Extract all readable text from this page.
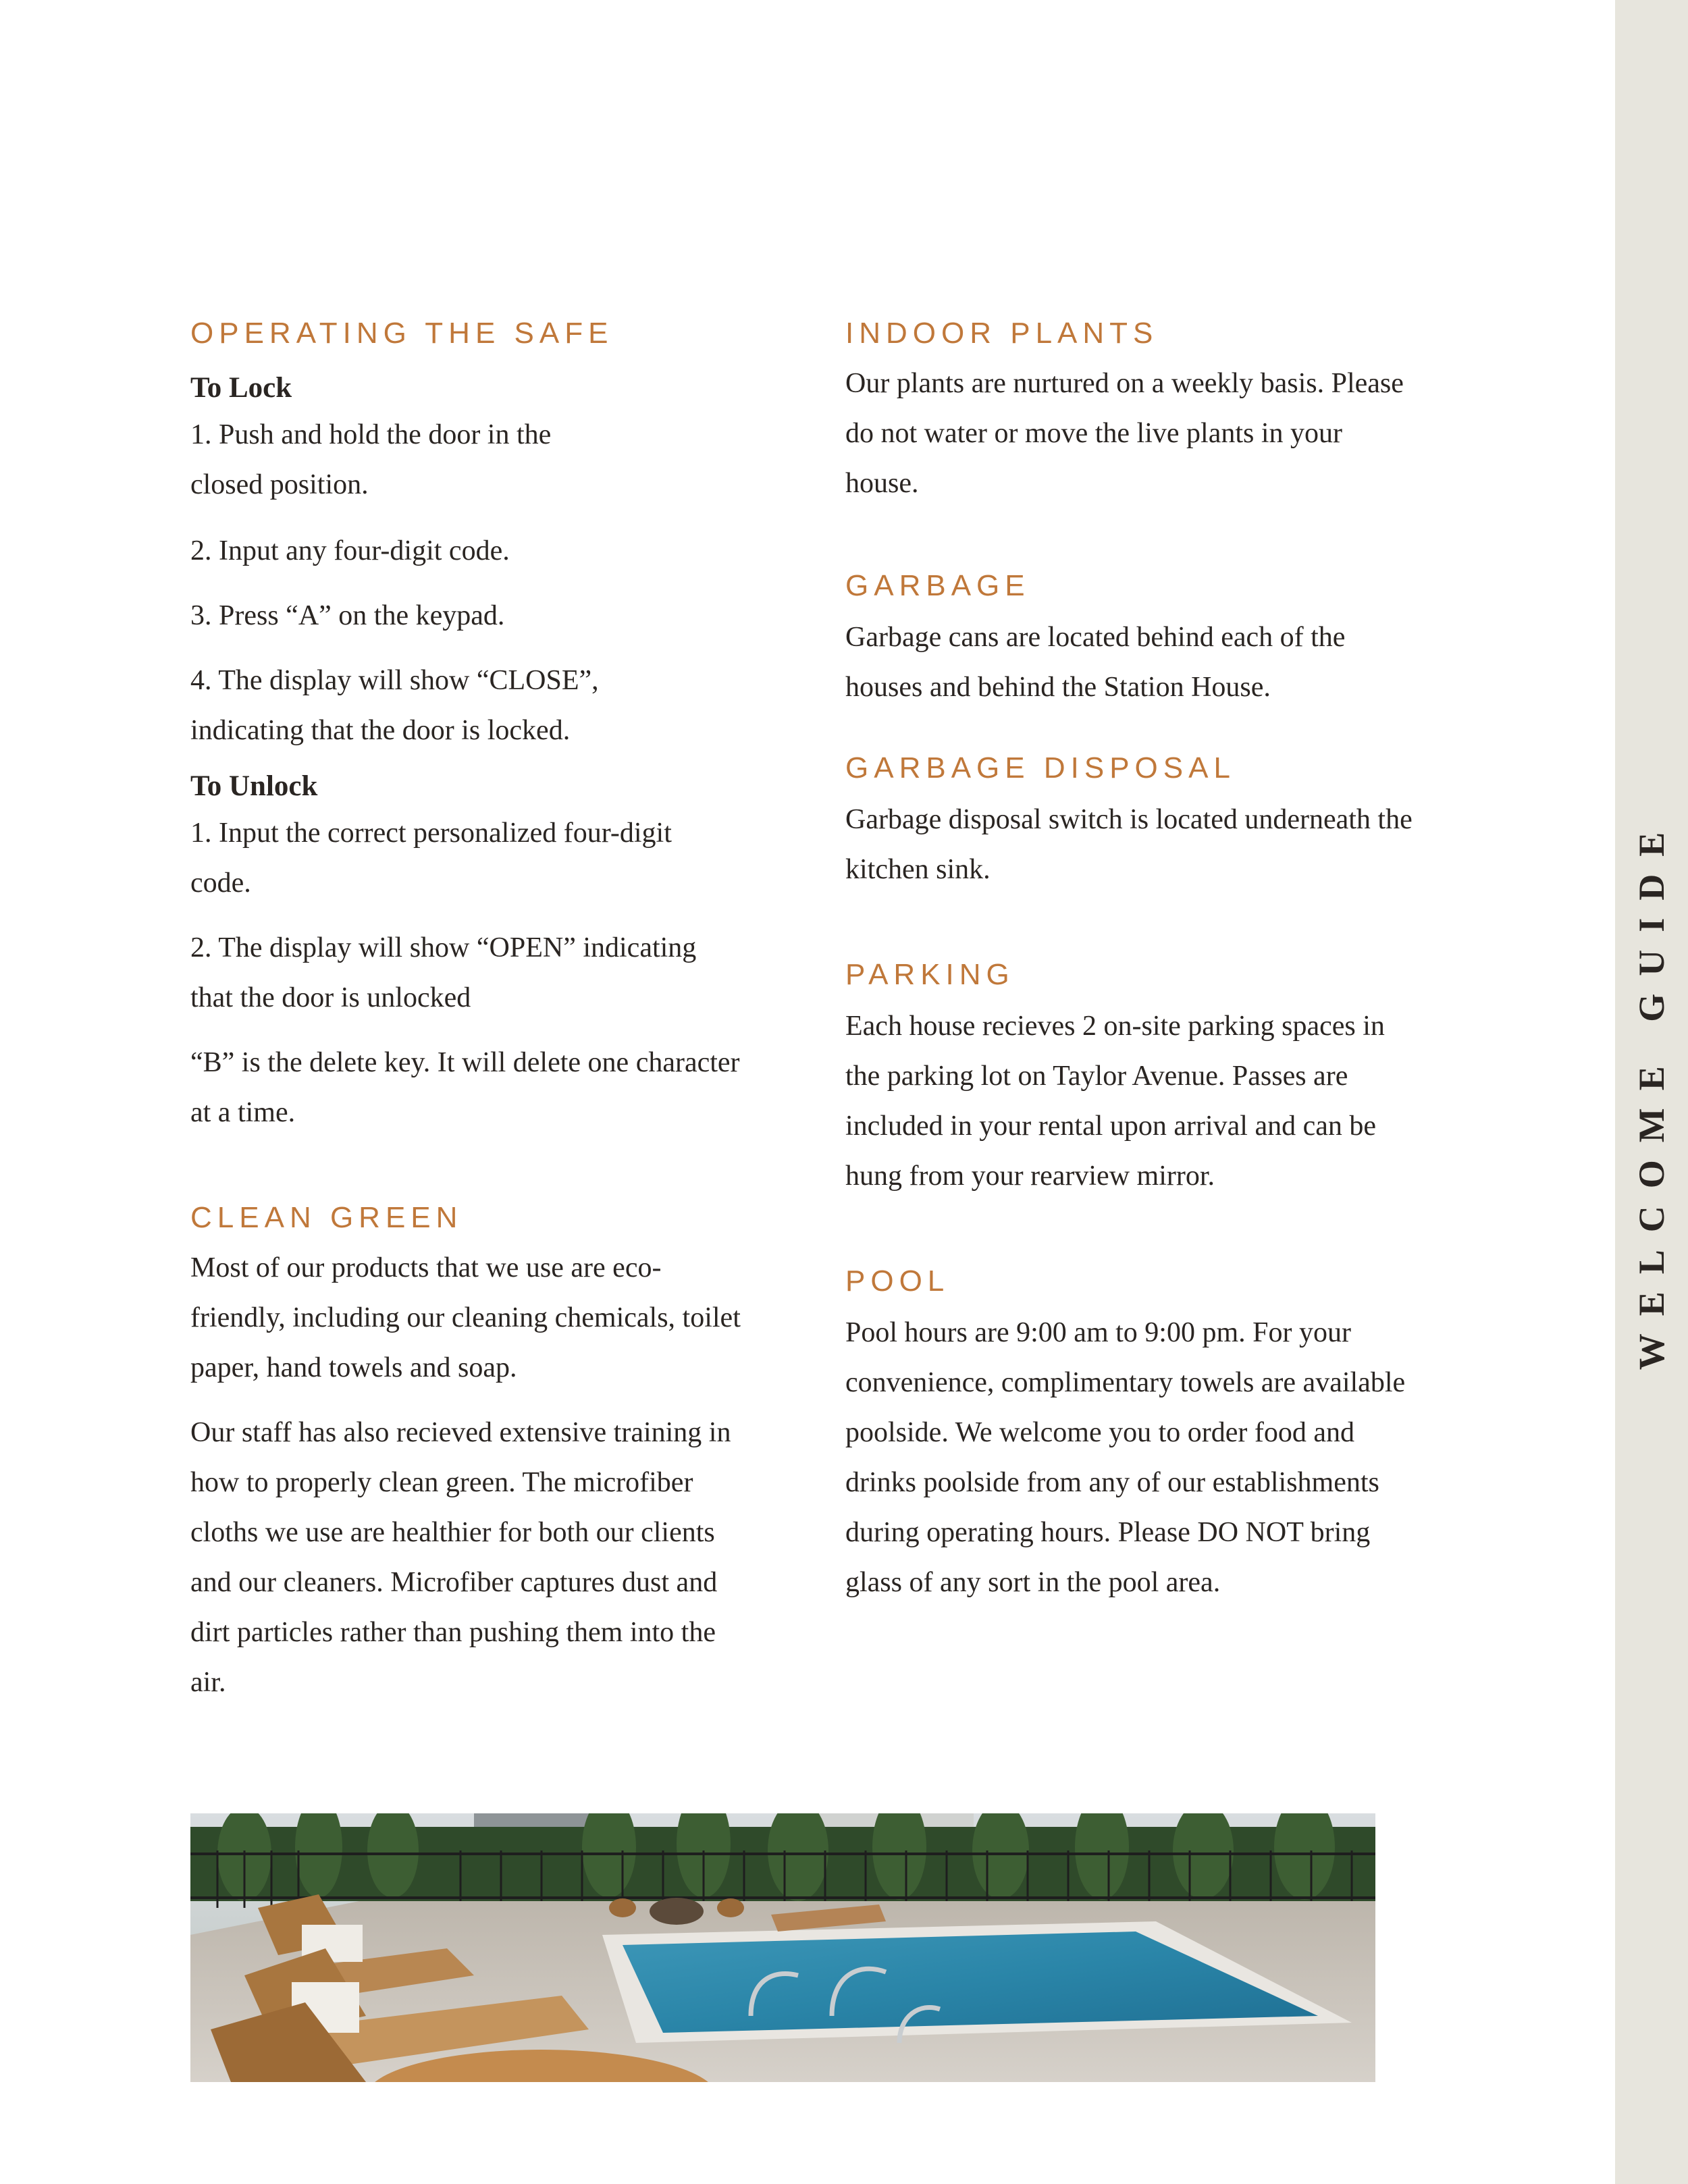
WELCOME GUIDE
OPERATING THE SAFE
To Lock

1. Push and hold the door in the closed position.

2. Input any four-digit code.

3. Press “A” on the keypad.

4. The display will show “CLOSE”, indicating that the door is locked.

To Unlock

1. Input the correct personalized four-digit code.

2. The display will show “OPEN” indicating that the door is unlocked

“B” is the delete key. It will delete one character at a time.

CLEAN GREEN

Most of our products that we use are eco-friendly, including our cleaning chemicals, toilet paper, hand towels and soap.

Our staff has also recieved extensive training in how to properly clean green. The microfiber cloths we use are healthier for both our clients and our cleaners. Microfiber captures dust and dirt particles rather than pushing them into the air.

INDOOR PLANTS

Our plants are nurtured on a weekly basis. Please do not water or move the live plants in your house.

GARBAGE

Garbage cans are located behind each of the houses and behind the Station House.

GARBAGE DISPOSAL

Garbage disposal switch is located underneath the kitchen sink.

PARKING

Each house recieves 2 on-site parking spaces in the parking lot on Taylor Avenue. Passes are included in your rental upon arrival and can be hung from your rearview mirror.

POOL

Pool hours are 9:00 am to 9:00 pm. For your convenience, complimentary towels are available poolside. We welcome you to order food and drinks poolside from any of our establishments during operating hours. Please DO NOT bring glass of any sort in the pool area.
